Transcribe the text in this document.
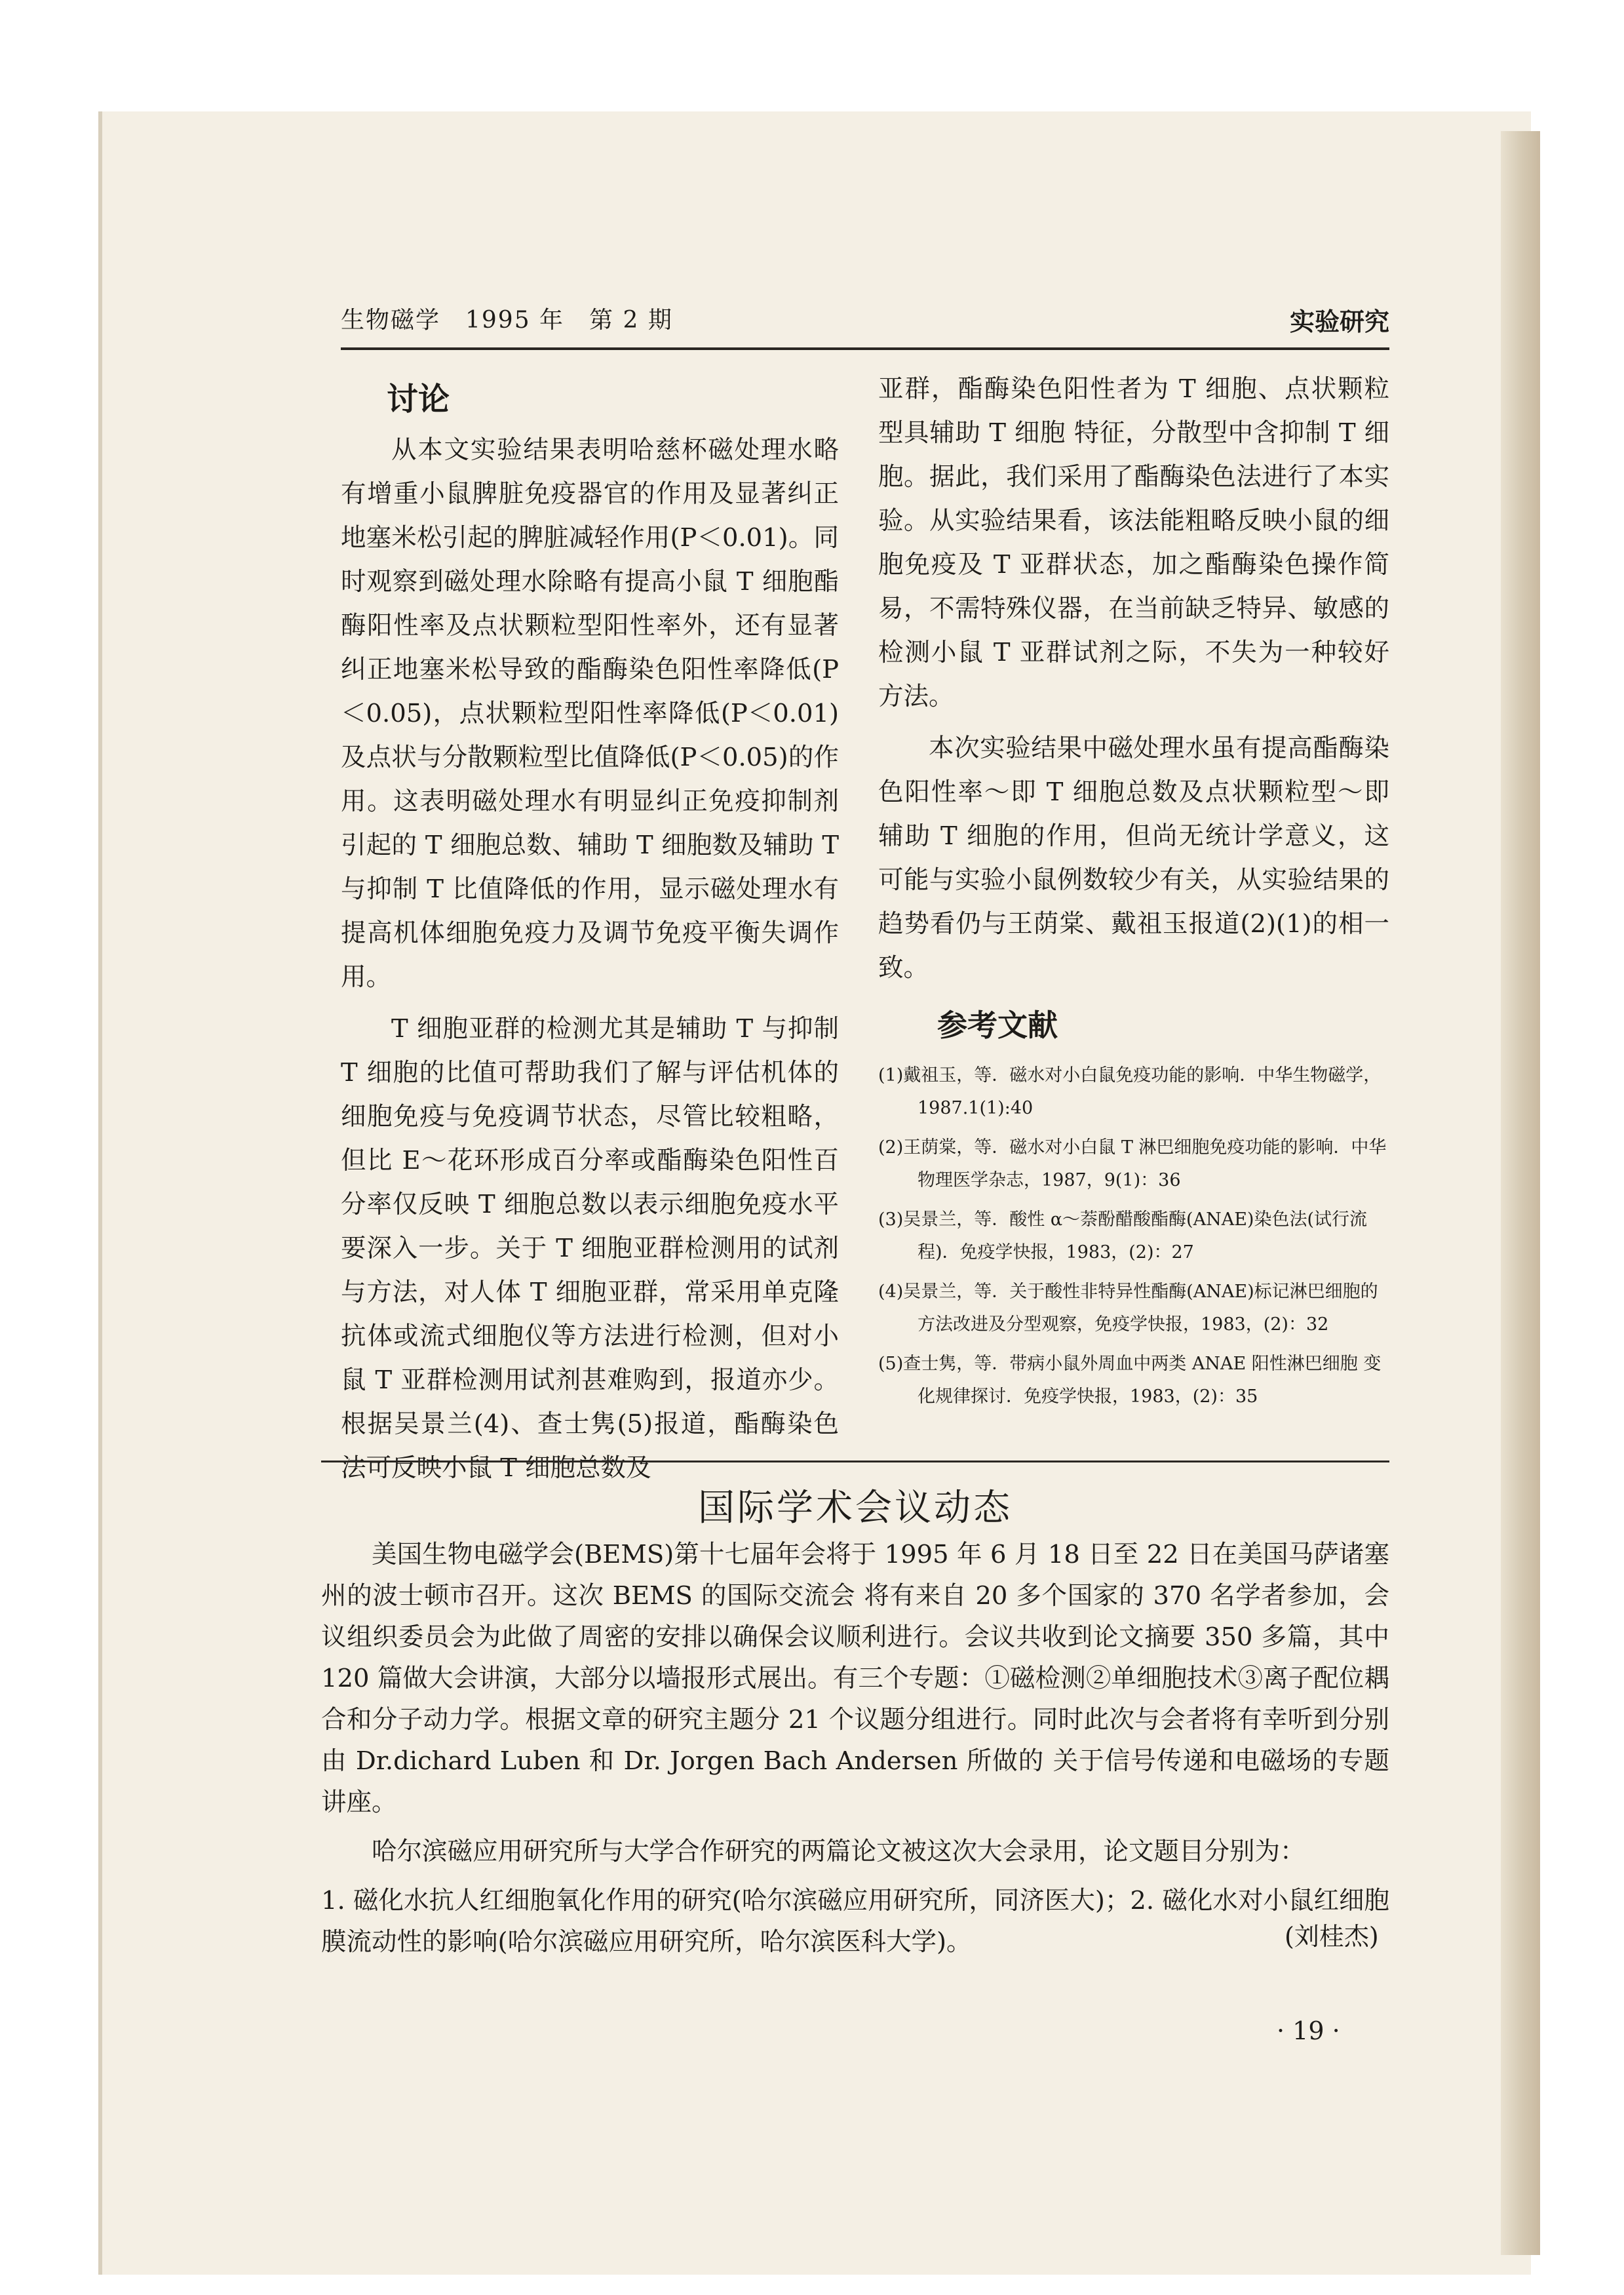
生物磁学　1995 年　第 2 期	实验研究
讨论

从本文实验结果表明哈慈杯磁处理水略有增重小鼠脾脏免疫器官的作用及显著纠正地塞米松引起的脾脏减轻作用(P＜0.01)。同时观察到磁处理水除略有提高小鼠 T 细胞酯酶阳性率及点状颗粒型阳性率外，还有显著纠正地塞米松导致的酯酶染色阳性率降低(P＜0.05)，点状颗粒型阳性率降低(P＜0.01)及点状与分散颗粒型比值降低(P＜0.05)的作用。这表明磁处理水有明显纠正免疫抑制剂引起的 T 细胞总数、辅助 T 细胞数及辅助 T 与抑制 T 比值降低的作用，显示磁处理水有提高机体细胞免疫力及调节免疫平衡失调作用。

T 细胞亚群的检测尤其是辅助 T 与抑制 T 细胞的比值可帮助我们了解与评估机体的细胞免疫与免疫调节状态，尽管比较粗略，但比 E～花环形成百分率或酯酶染色阳性百分率仅反映 T 细胞总数以表示细胞免疫水平要深入一步。关于 T 细胞亚群检测用的试剂与方法，对人体 T 细胞亚群，常采用单克隆抗体或流式细胞仪等方法进行检测，但对小鼠 T 亚群检测用试剂甚难购到，报道亦少。根据吴景兰(4)、查士隽(5)报道，酯酶染色法可反映小鼠 T 细胞总数及

亚群，酯酶染色阳性者为 T 细胞、点状颗粒型具辅助 T 细胞 特征，分散型中含抑制 T 细胞。据此，我们采用了酯酶染色法进行了本实验。从实验结果看，该法能粗略反映小鼠的细胞免疫及 T 亚群状态，加之酯酶染色操作简易，不需特殊仪器，在当前缺乏特异、敏感的检测小鼠 T 亚群试剂之际，不失为一种较好方法。

本次实验结果中磁处理水虽有提高酯酶染色阳性率～即 T 细胞总数及点状颗粒型～即辅助 T 细胞的作用，但尚无统计学意义，这可能与实验小鼠例数较少有关，从实验结果的趋势看仍与王荫棠、戴祖玉报道(2)(1)的相一致。

参考文献

(1)戴祖玉，等．磁水对小白鼠免疫功能的影响．中华生物磁学，1987.1(1):40

(2)王荫棠，等．磁水对小白鼠 T 淋巴细胞免疫功能的影响．中华物理医学杂志，1987，9(1)：36

(3)吴景兰，等．酸性 α～萘酚醋酸酯酶(ANAE)染色法(试行流程)．免疫学快报，1983，(2)：27

(4)吴景兰，等．关于酸性非特异性酯酶(ANAE)标记淋巴细胞的方法改进及分型观察，免疫学快报，1983，(2)：32

(5)查士隽，等．带病小鼠外周血中两类 ANAE 阳性淋巴细胞 变化规律探讨．免疫学快报，1983，(2)：35

国际学术会议动态

美国生物电磁学会(BEMS)第十七届年会将于 1995 年 6 月 18 日至 22 日在美国马萨诸塞州的波士顿市召开。这次 BEMS 的国际交流会 将有来自 20 多个国家的 370 名学者参加，会议组织委员会为此做了周密的安排以确保会议顺利进行。会议共收到论文摘要 350 多篇，其中 120 篇做大会讲演，大部分以墙报形式展出。有三个专题：①磁检测②单细胞技术③离子配位耦合和分子动力学。根据文章的研究主题分 21 个议题分组进行。同时此次与会者将有幸听到分别由 Dr.dichard Luben 和 Dr. Jorgen Bach Andersen 所做的 关于信号传递和电磁场的专题讲座。

哈尔滨磁应用研究所与大学合作研究的两篇论文被这次大会录用，论文题目分别为：

1. 磁化水抗人红细胞氧化作用的研究(哈尔滨磁应用研究所，同济医大)；2. 磁化水对小鼠红细胞膜流动性的影响(哈尔滨磁应用研究所，哈尔滨医科大学)。	(刘桂杰)
· 19 ·
